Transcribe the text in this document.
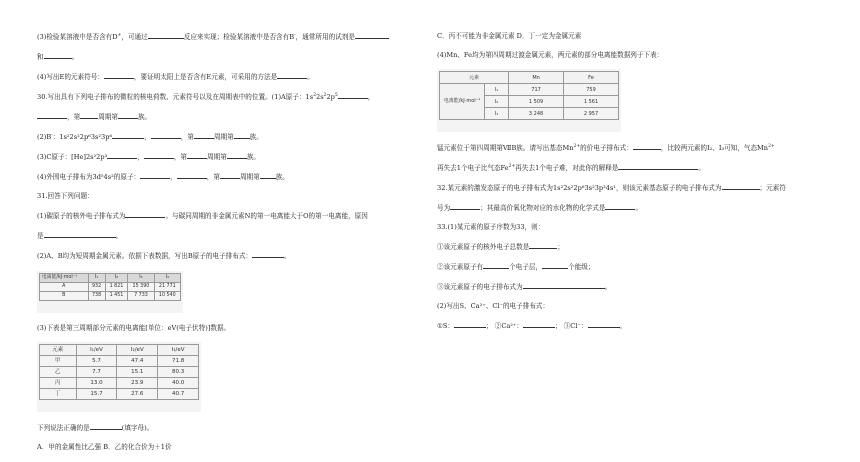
(3)检验某溶液中是否含有D+，可通过	反应来实现；检验某溶液中是否含有B-，通常所用的试剂是
和	。
(4)写出E的元素符号：	，要证明太阳上是否含有E元素，可采用的方法是	。
30.写出具有下列电子排布的微粒的核电荷数、元素符号以及在周期表中的位置。(1)A原子：$1s^22s^22p^5$	，
，第	周期第	族。
(2)B-：1s²2s²2p⁶3s²3p⁶	，	，第	周期第 族。
(3)C原子：[He]2s²2p³	，	，第	周期第	族。
(4)外围电子排布为3d⁵4s²的原子：	，	，第	周期第 族。
31.回答下列问题：
(1)碳原子的核外电子排布式为	。与碳同周期的非金属元素N的第一电离能大于O的第一电离能，原因
是	。
(2)A、B均为短周期金属元素。依据下表数据，写出B原子的电子排布式：	。
电离能/kJ·mol⁻¹	I₁	I₂	I₃	I₄
A	932	1 821	15 390	21 771
B	738	1 451	7 733	10 540
(3)下表是第三周期部分元素的电离能[单位：eV(电子伏特)]数据。
元素	I₁/eV	I₂/eV	I₃/eV
甲	5.7	47.4	71.8
乙	7.7	15.1	80.3
丙	13.0	23.9	40.0
丁	15.7	27.6	40.7
下列说法正确的是	(填字母)。
A．甲的金属性比乙强 B．乙的化合价为＋1价
C．丙不可能为非金属元素 D．丁一定为金属元素
(4)Mn、Fe均为第四周期过渡金属元素，两元素的部分电离能数据列于下表：
元素		Mn	Fe
电离能/kJ·mol⁻¹	I₁	717	759
	I₂	1 509	1 561
	I₃	3 248	2 957
锰元素位于第四周期第ⅦB族。请写出基态$Mn^{2+}$的价电子排布式：	，比较两元素的I₂、I₃可知，气态$Mn^{2+}$
再失去1个电子比气态$Fe^{2+}$再失去1个电子难，对此你的解释是	。
32.某元素的激发态原子的电子排布式为1s²2s²2p⁶3s²3p³4s¹，则该元素基态原子的电子排布式为	；元素符
号为	；其最高价氧化物对应的水化物的化学式是	。
33.(1)某元素的原子序数为33，则：
①该元素原子的核外电子总数是	；
②该元素原子有	个电子层，	个能级；
③该元素原子的电子排布式为	。
(2)写出S、Ca²⁺、Cl⁻的电子排布式：
①S：	； ②Ca²⁺：	； ③Cl⁻：	。
